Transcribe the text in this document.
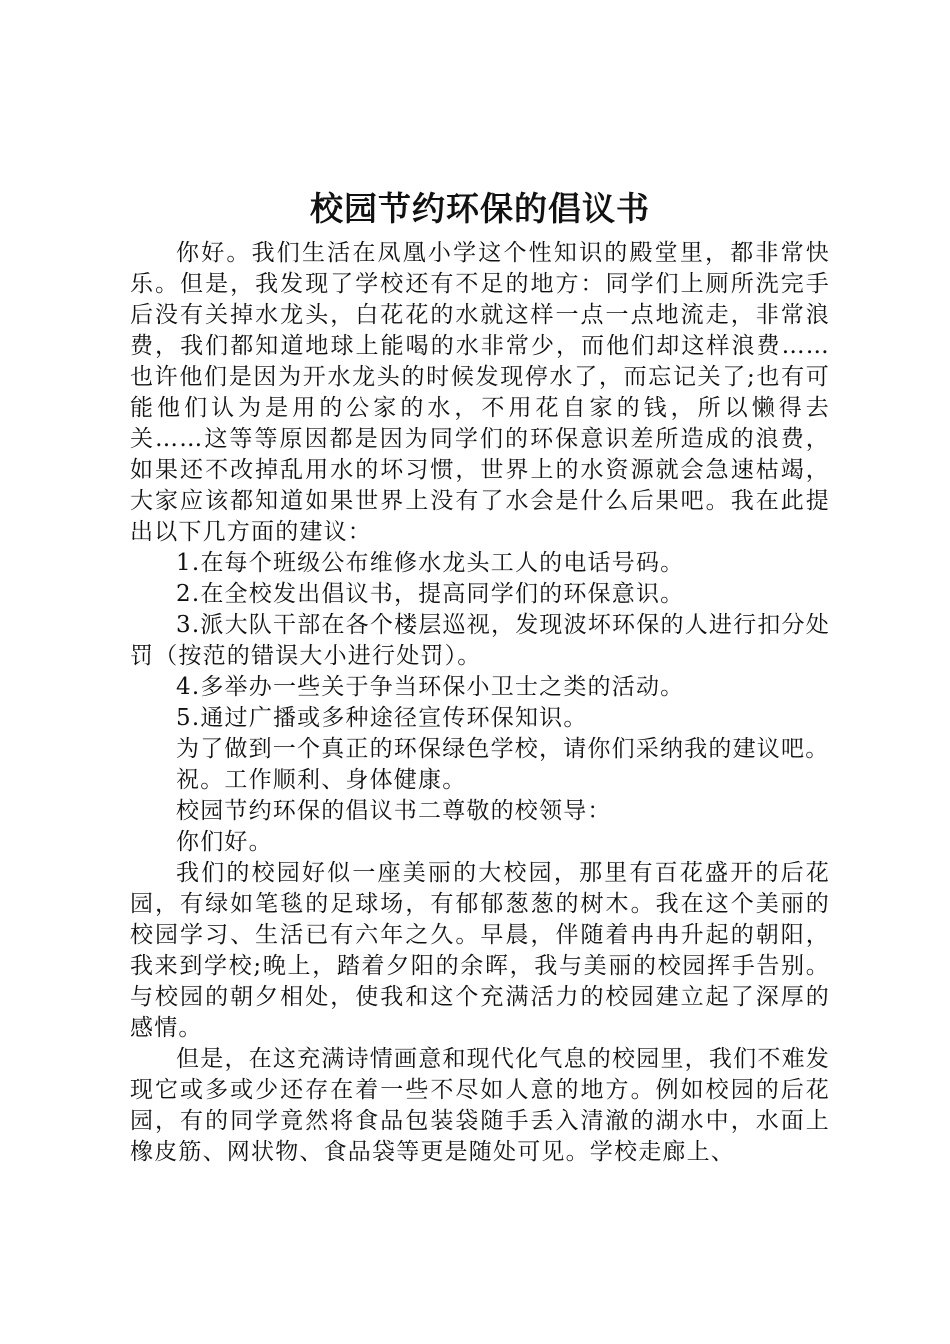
校园节约环保的倡议书

你好。我们生活在凤凰小学这个性知识的殿堂里，都非常快乐。但是，我发现了学校还有不足的地方：同学们上厕所洗完手后没有关掉水龙头，白花花的水就这样一点一点地流走，非常浪费，我们都知道地球上能喝的水非常少，而他们却这样浪费……也许他们是因为开水龙头的时候发现停水了，而忘记关了;也有可能他们认为是用的公家的水，不用花自家的钱，所以懒得去关……这等等原因都是因为同学们的环保意识差所造成的浪费，如果还不改掉乱用水的坏习惯，世界上的水资源就会急速枯竭，大家应该都知道如果世界上没有了水会是什么后果吧。我在此提出以下几方面的建议：

1.在每个班级公布维修水龙头工人的电话号码。

2.在全校发出倡议书，提高同学们的环保意识。

3.派大队干部在各个楼层巡视，发现波坏环保的人进行扣分处罚（按范的错误大小进行处罚）。

4.多举办一些关于争当环保小卫士之类的活动。

5.通过广播或多种途径宣传环保知识。

为了做到一个真正的环保绿色学校，请你们采纳我的建议吧。

祝。工作顺利、身体健康。

校园节约环保的倡议书二尊敬的校领导：

你们好。

我们的校园好似一座美丽的大校园，那里有百花盛开的后花园，有绿如笔毯的足球场，有郁郁葱葱的树木。我在这个美丽的校园学习、生活已有六年之久。早晨，伴随着冉冉升起的朝阳，我来到学校;晚上，踏着夕阳的余晖，我与美丽的校园挥手告别。与校园的朝夕相处，使我和这个充满活力的校园建立起了深厚的感情。

但是，在这充满诗情画意和现代化气息的校园里，我们不难发现它或多或少还存在着一些不尽如人意的地方。例如校园的后花园，有的同学竟然将食品包装袋随手丢入清澈的湖水中，水面上橡皮筋、网状物、食品袋等更是随处可见。学校走廊上、
